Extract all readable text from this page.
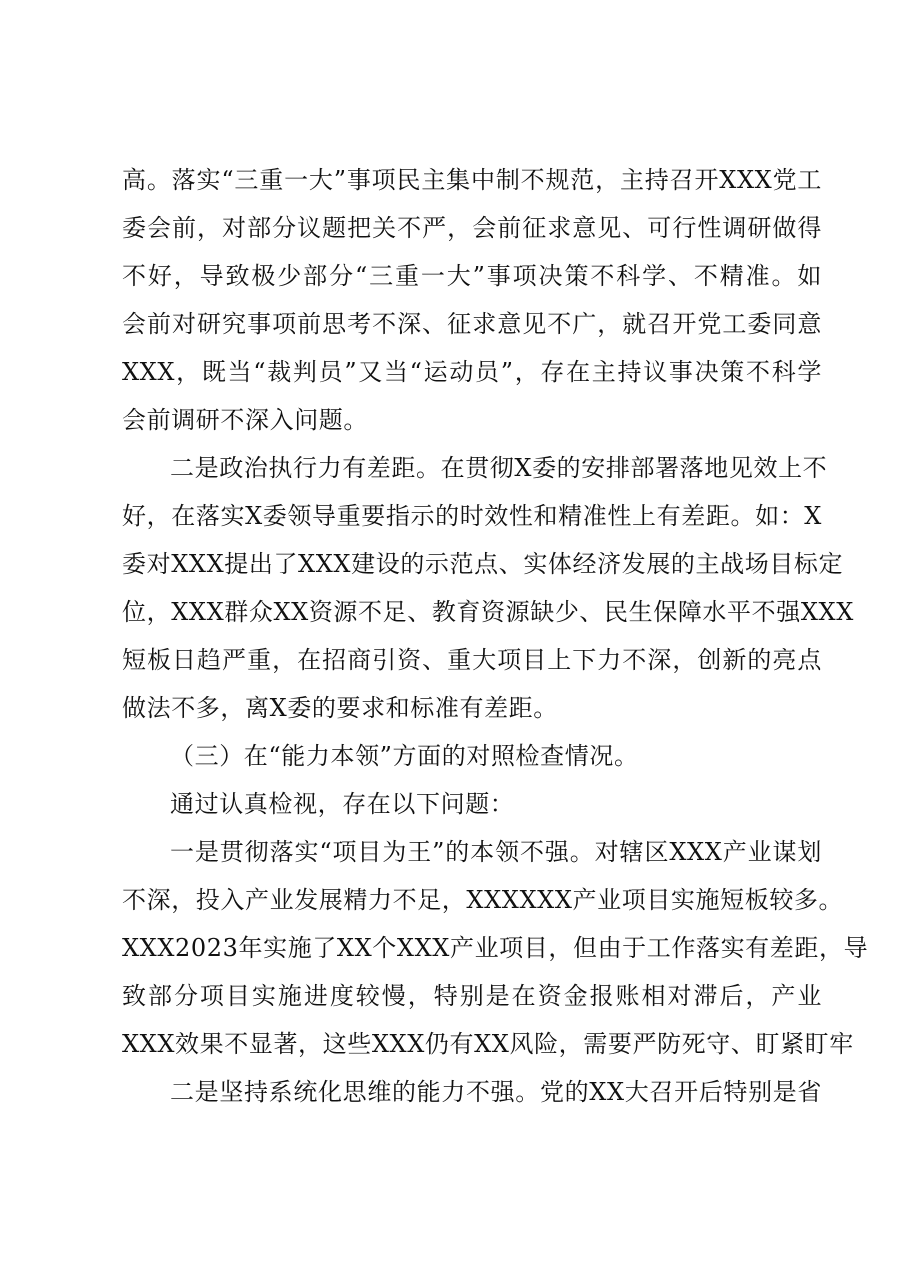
高。落实“三重一大”事项民主集中制不规范，主持召开XXX党工
委会前，对部分议题把关不严，会前征求意见、可行性调研做得
不好，导致极少部分“三重一大”事项决策不科学、不精准。如
会前对研究事项前思考不深、征求意见不广，就召开党工委同意
XXX，既当“裁判员”又当“运动员”，存在主持议事决策不科学
会前调研不深入问题。
二是政治执行力有差距。在贯彻X委的安排部署落地见效上不
好，在落实X委领导重要指示的时效性和精准性上有差距。如：X
委对XXX提出了XXX建设的示范点、实体经济发展的主战场目标定
位，XXX群众XX资源不足、教育资源缺少、民生保障水平不强XXX
短板日趋严重，在招商引资、重大项目上下力不深，创新的亮点
做法不多，离X委的要求和标准有差距。
（三）在“能力本领”方面的对照检查情况。
通过认真检视，存在以下问题：
一是贯彻落实“项目为王”的本领不强。对辖区XXX产业谋划
不深，投入产业发展精力不足，XXXXXX产业项目实施短板较多。
XXX2023年实施了XX个XXX产业项目，但由于工作落实有差距，导
致部分项目实施进度较慢，特别是在资金报账相对滞后，产业
XXX效果不显著，这些XXX仍有XX风险，需要严防死守、盯紧盯牢
二是坚持系统化思维的能力不强。党的XX大召开后特别是省
